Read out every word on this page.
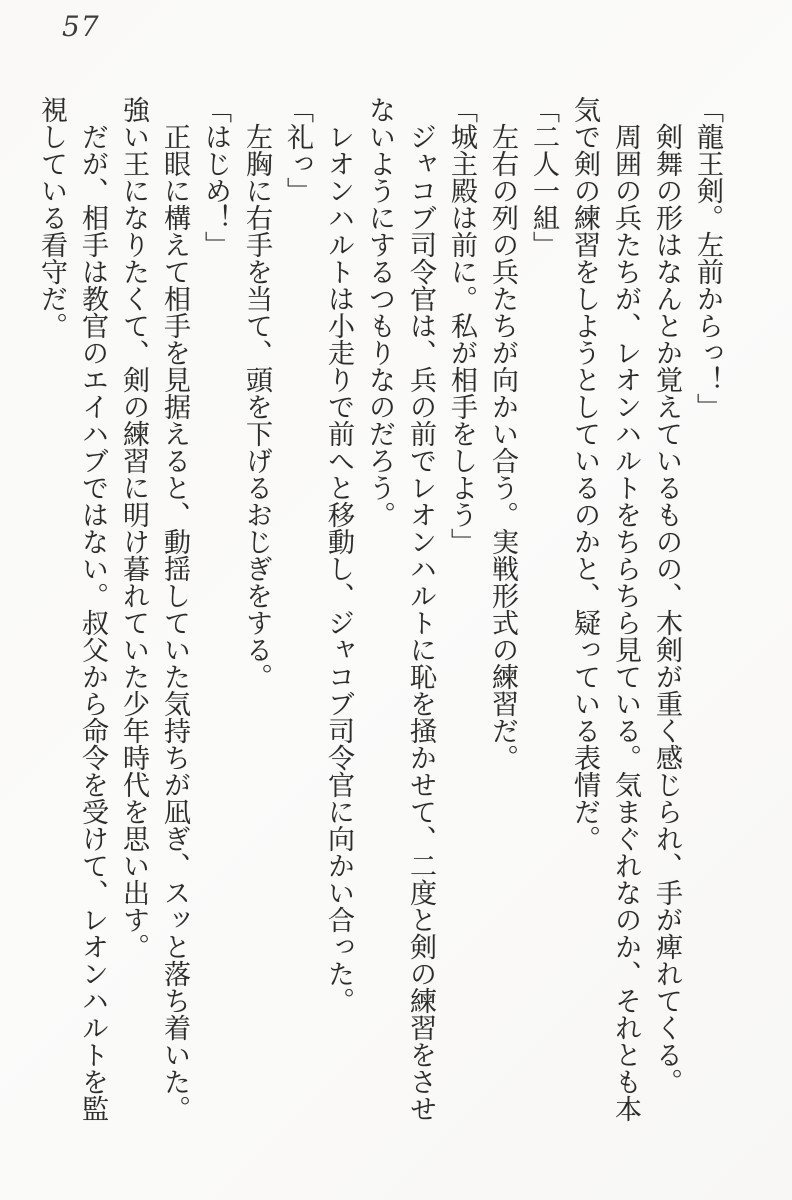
57
「龍王剣。左前からっ！」
剣舞の形はなんとか覚えているものの、木剣が重く感じられ、手が痺れてくる。
周囲の兵たちが、レオンハルトをちらちら見ている。気まぐれなのか、それとも本
気で剣の練習をしようとしているのかと、疑っている表情だ。
「二人一組」
左右の列の兵たちが向かい合う。実戦形式の練習だ。
「城主殿は前に。私が相手をしよう」
ジャコブ司令官は、兵の前でレオンハルトに恥を掻かせて、二度と剣の練習をさせ
ないようにするつもりなのだろう。
レオンハルトは小走りで前へと移動し、ジャコブ司令官に向かい合った。
「礼っ」
左胸に右手を当て、頭を下げるおじぎをする。
「はじめ！」
正眼に構えて相手を見据えると、動揺していた気持ちが凪ぎ、スッと落ち着いた。
強い王になりたくて、剣の練習に明け暮れていた少年時代を思い出す。
だが、相手は教官のエイハブではない。叔父から命令を受けて、レオンハルトを監
視している看守だ。
